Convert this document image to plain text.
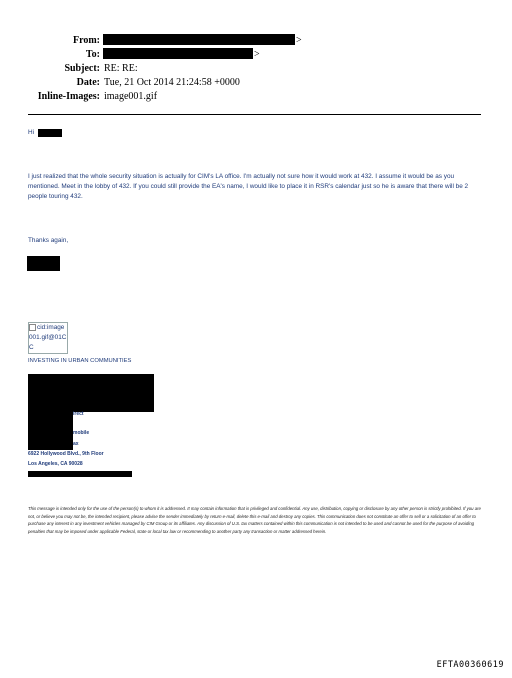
From:	>
To:	>
Subject: RE: RE:
Date: Tue, 21 Oct 2014 21:24:58 +0000
Inline-Images: image001.gif
Hi
I just realized that the whole security situation is actually for CIM's LA office. I'm actually not sure how it would work at 432. I assume it would be as you mentioned. Meet in the lobby of 432. If you could still provide the EA's name, I would like to place it in RSR's calendar just so he is aware that there will be 2 people touring 432.
Thanks again,
cid:image001.gif@01CC
INVESTING IN URBAN COMMUNITIES
irect
mobile
ax
6922 Hollywood Blvd., 9th Floor
Los Angeles, CA 90028
This message is intended only for the use of the person(s) to whom it is addressed. It may contain information that is privileged and confidential. Any use, distribution, copying or disclosure by any other person is strictly prohibited. If you are not, or believe you may not be, the intended recipient, please advise the sender immediately by return e-mail, delete this e-mail and destroy any copies. This communication does not constitute an offer to sell or a solicitation of an offer to purchase any interest in any investment vehicles managed by CIM Group or its affiliates. Any discussion of U.S. tax matters contained within this communication is not intended to be used and cannot be used for the purpose of avoiding penalties that may be imposed under applicable Federal, state or local tax law or recommending to another party any transaction or matter addressed herein.
EFTA00360619
